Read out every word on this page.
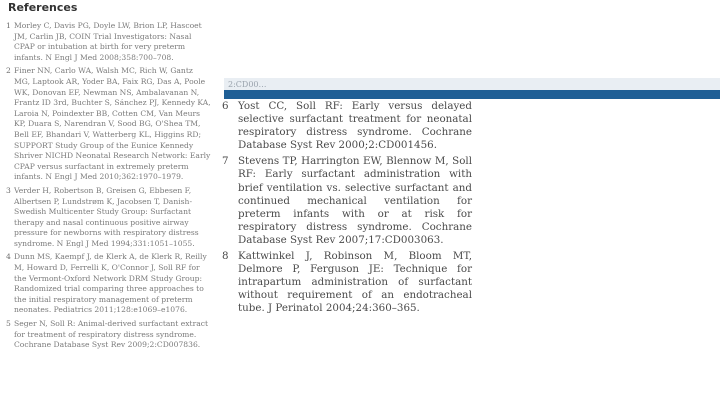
References
1 Morley C, Davis PG, Doyle LW, Brion LP, Hascoet JM, Carlin JB, COIN Trial Investigators: Nasal CPAP or intubation at birth for very preterm infants. N Engl J Med 2008;358:700–708.
2 Finer NN, Carlo WA, Walsh MC, Rich W, Gantz MG, Laptook AR, Yoder BA, Faix RG, Das A, Poole WK, Donovan EF, Newman NS, Ambalavanan N, Frantz ID 3rd, Buchter S, Sánchez PJ, Kennedy KA, Laroia N, Poindexter BB, Cotten CM, Van Meurs KP, Duara S, Narendran V, Sood BG, O'Shea TM, Bell EF, Bhandari V, Watterberg KL, Higgins RD; SUPPORT Study Group of the Eunice Kennedy Shriver NICHD Neonatal Research Network: Early CPAP versus surfactant in extremely preterm infants. N Engl J Med 2010;362:1970–1979.
3 Verder H, Robertson B, Greisen G, Ebbesen F, Albertsen P, Lundstrøm K, Jacobsen T, Danish-Swedish Multicenter Study Group: Surfactant therapy and nasal continuous positive airway pressure for newborns with respiratory distress syndrome. N Engl J Med 1994;331:1051–1055.
4 Dunn MS, Kaempf J, de Klerk A, de Klerk R, Reilly M, Howard D, Ferrelli K, O'Connor J, Soll RF for the Vermont-Oxford Network DRM Study Group: Randomized trial comparing three approaches to the initial respiratory management of preterm neonates. Pediatrics 2011;128:e1069–e1076.
5 Seger N, Soll R: Animal-derived surfactant extract for treatment of respiratory distress syndrome. Cochrane Database Syst Rev 2009;2:CD007836.
2:CD00…
6 Yost CC, Soll RF: Early versus delayed selective surfactant treatment for neonatal respiratory distress syndrome. Cochrane Database Syst Rev 2000;2:CD001456.
7 Stevens TP, Harrington EW, Blennow M, Soll RF: Early surfactant administration with brief ventilation vs. selective surfactant and continued mechanical ventilation for preterm infants with or at risk for respiratory distress syndrome. Cochrane Database Syst Rev 2007;17:CD003063.
8 Kattwinkel J, Robinson M, Bloom MT, Delmore P, Ferguson JE: Technique for intrapartum administration of surfactant without requirement of an endotracheal tube. J Perinatol 2004;24:360–365.
